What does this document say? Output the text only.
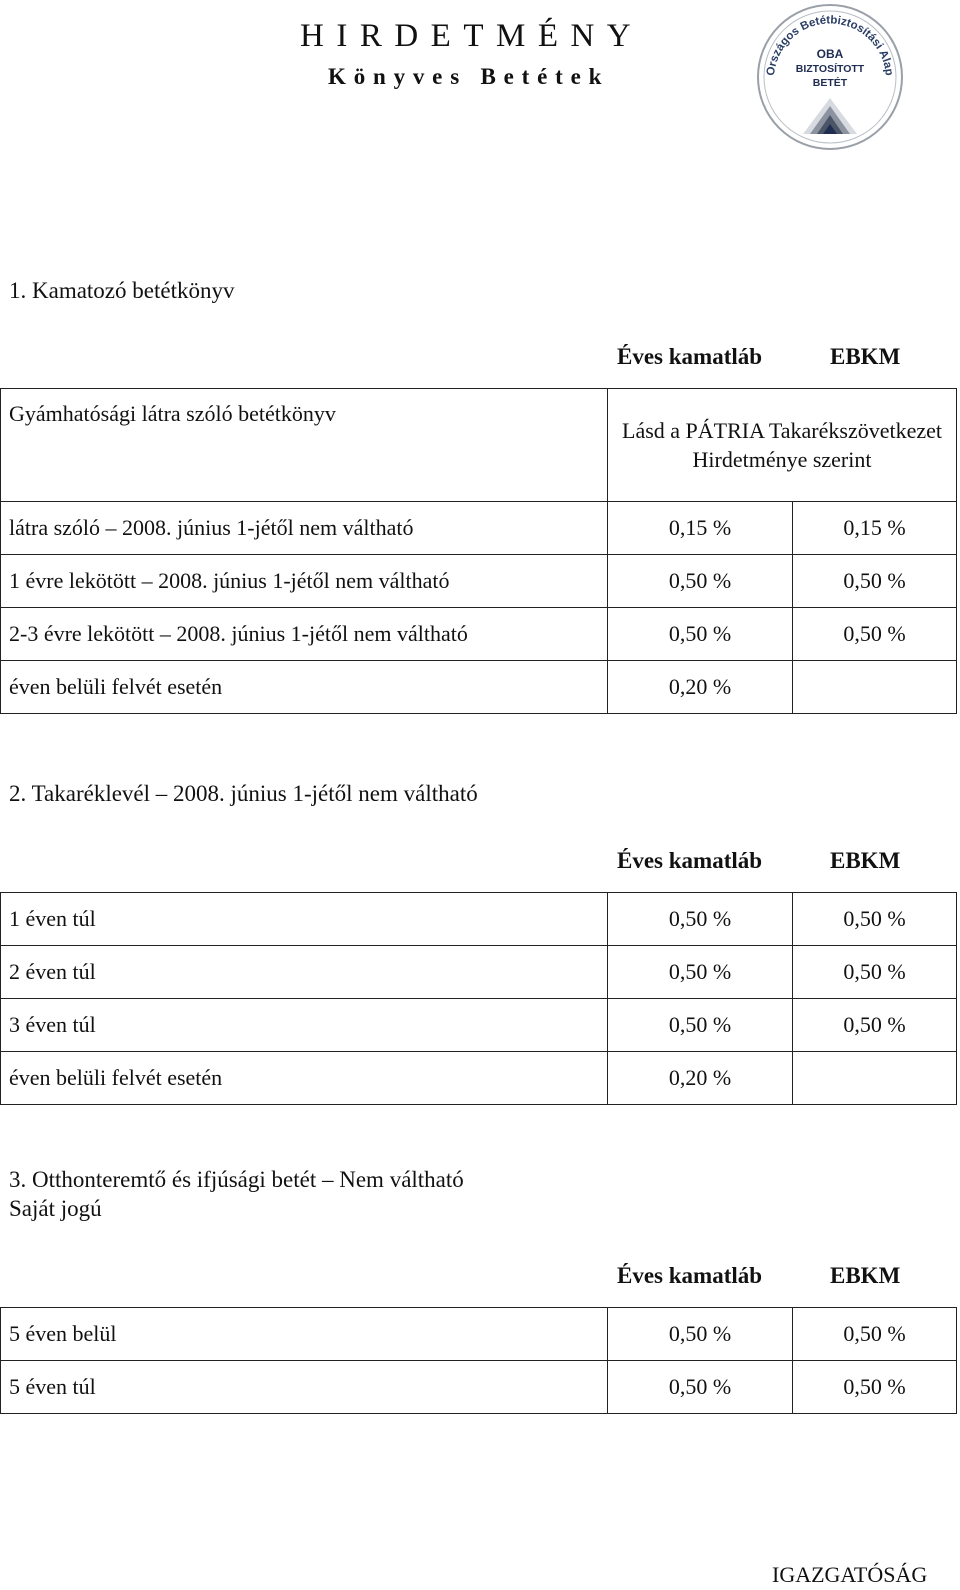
HIRDETMÉNY
Könyves Betétek	Országos Betétbiztosítási Alap
OBA
BIZTOSÍTOTT
BETÉT
1. Kamatozó betétkönyv
Éves kamatláb	EBKM
Gyámhatósági látra szóló betétkönyv	Lásd a PÁTRIA Takarékszövetkezet Hirdetménye szerint	
látra szóló – 2008. június 1-jétől nem váltható	0,15 %	0,15 %
1 évre lekötött – 2008. június 1-jétől nem váltható	0,50 %	0,50 %
2-3 évre lekötött – 2008. június 1-jétől nem váltható	0,50 %	0,50 %
éven belüli felvét esetén	0,20 %	
2. Takaréklevél – 2008. június 1-jétől nem váltható
Éves kamatláb	EBKM
1 éven túl	0,50 %	0,50 %
2 éven túl	0,50 %	0,50 %
3 éven túl	0,50 %	0,50 %
éven belüli felvét esetén	0,20 %	
3. Otthonteremtő és ifjúsági betét – Nem váltható
Saját jogú
Éves kamatláb	EBKM
5 éven belül	0,50 %	0,50 %
5 éven túl	0,50 %	0,50 %
IGAZGATÓSÁG
